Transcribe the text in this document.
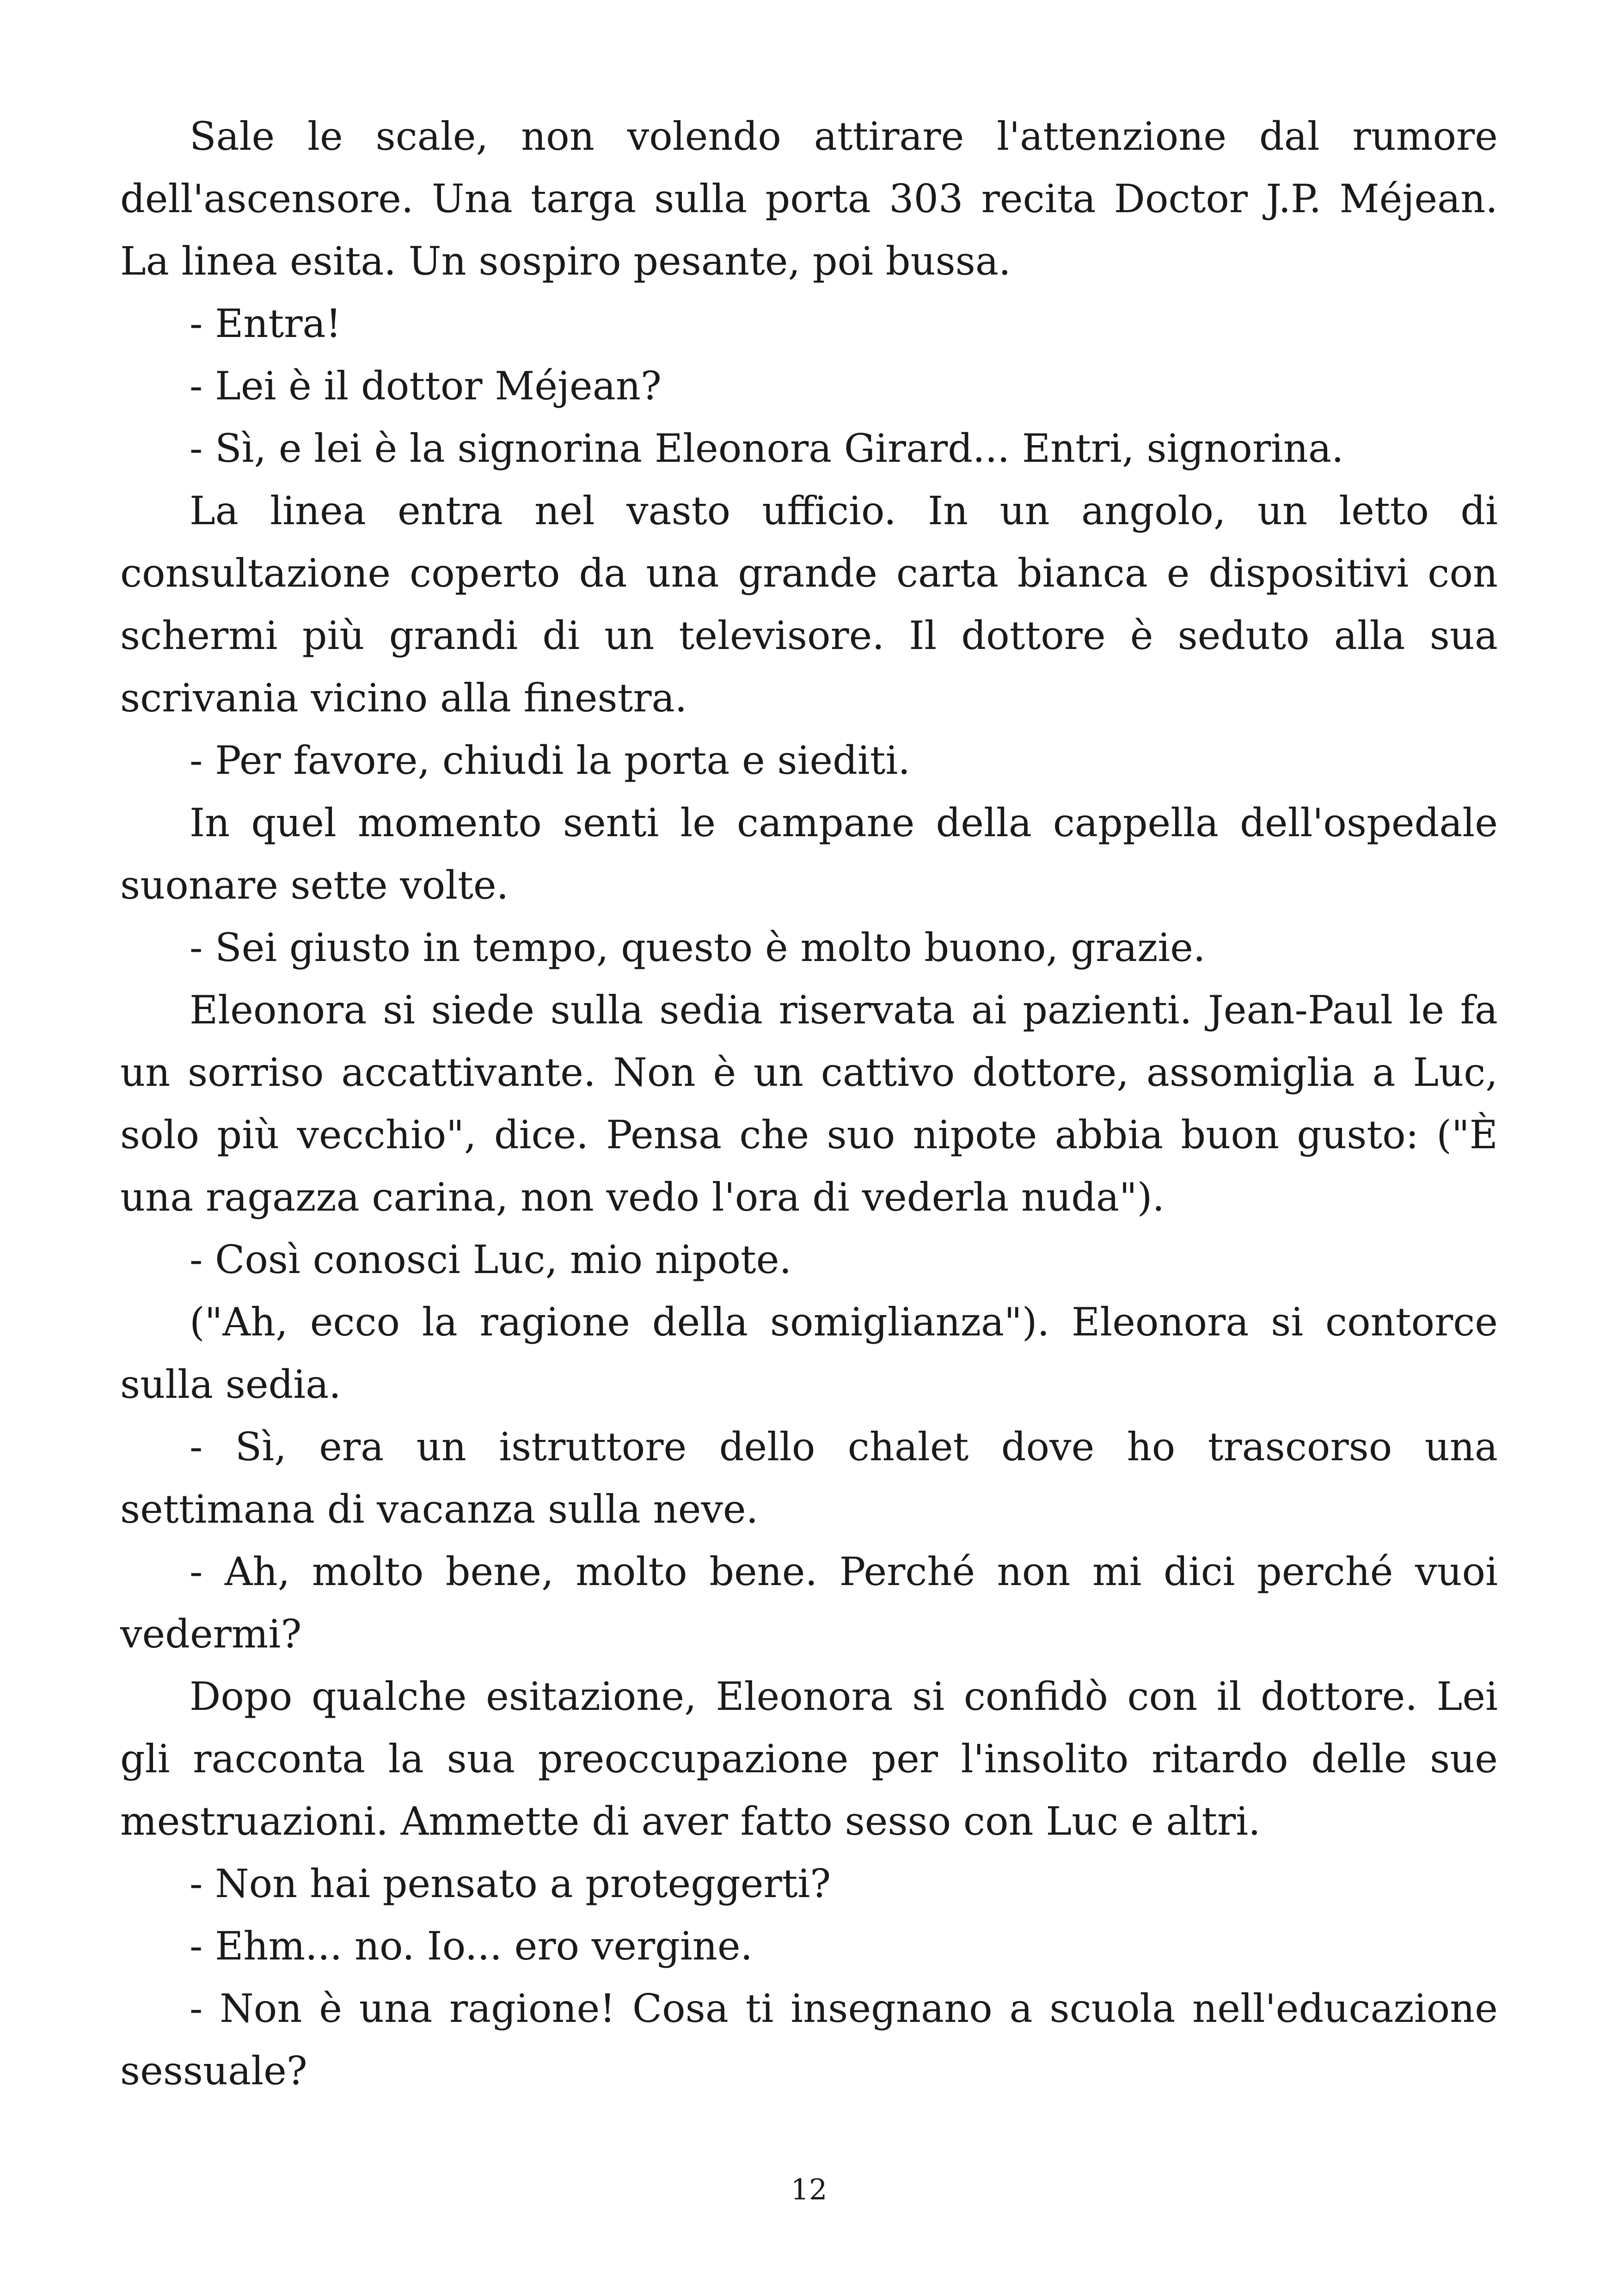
Sale le scale, non volendo attirare l'attenzione dal rumore dell'ascensore. Una targa sulla porta 303 recita Doctor J.P. Méjean. La linea esita. Un sospiro pesante, poi bussa.

- Entra!

- Lei è il dottor Méjean?

- Sì, e lei è la signorina Eleonora Girard... Entri, signorina.

La linea entra nel vasto ufficio. In un angolo, un letto di consultazione coperto da una grande carta bianca e dispositivi con schermi più grandi di un televisore. Il dottore è seduto alla sua scrivania vicino alla finestra.

- Per favore, chiudi la porta e siediti.

In quel momento senti le campane della cappella dell'ospedale suonare sette volte.

- Sei giusto in tempo, questo è molto buono, grazie.

Eleonora si siede sulla sedia riservata ai pazienti. Jean-Paul le fa un sorriso accattivante. Non è un cattivo dottore, assomiglia a Luc, solo più vecchio", dice. Pensa che suo nipote abbia buon gusto: ("È una ragazza carina, non vedo l'ora di vederla nuda").

- Così conosci Luc, mio nipote.

("Ah, ecco la ragione della somiglianza"). Eleonora si contorce sulla sedia.

- Sì, era un istruttore dello chalet dove ho trascorso una settimana di vacanza sulla neve.

- Ah, molto bene, molto bene. Perché non mi dici perché vuoi vedermi?

Dopo qualche esitazione, Eleonora si confidò con il dottore. Lei gli racconta la sua preoccupazione per l'insolito ritardo delle sue mestruazioni. Ammette di aver fatto sesso con Luc e altri.

- Non hai pensato a proteggerti?

- Ehm... no. Io... ero vergine.

- Non è una ragione! Cosa ti insegnano a scuola nell'educazione sessuale?

12
